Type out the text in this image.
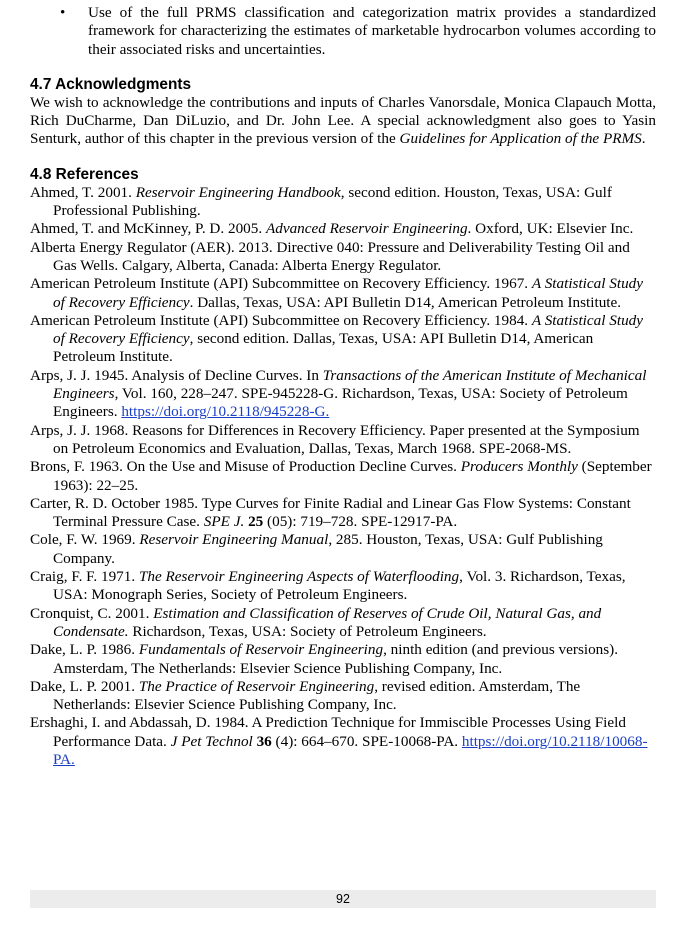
•	Use of the full PRMS classification and categorization matrix provides a standardized framework for characterizing the estimates of marketable hydrocarbon volumes according to their associated risks and uncertainties.
4.7 Acknowledgments

We wish to acknowledge the contributions and inputs of Charles Vanorsdale, Monica Clapauch Motta, Rich DuCharme, Dan DiLuzio, and Dr. John Lee. A special acknowledgment also goes to Yasin Senturk, author of this chapter in the previous version of the Guidelines for Application of the PRMS.

4.8 References

Ahmed, T. 2001. Reservoir Engineering Handbook, second edition. Houston, Texas, USA: Gulf Professional Publishing.

Ahmed, T. and McKinney, P. D. 2005. Advanced Reservoir Engineering. Oxford, UK: Elsevier Inc.

Alberta Energy Regulator (AER). 2013. Directive 040: Pressure and Deliverability Testing Oil and Gas Wells. Calgary, Alberta, Canada: Alberta Energy Regulator.

American Petroleum Institute (API) Subcommittee on Recovery Efficiency. 1967. A Statistical Study of Recovery Efficiency. Dallas, Texas, USA: API Bulletin D14, American Petroleum Institute.

American Petroleum Institute (API) Subcommittee on Recovery Efficiency. 1984. A Statistical Study of Recovery Efficiency, second edition. Dallas, Texas, USA: API Bulletin D14, American Petroleum Institute.

Arps, J. J. 1945. Analysis of Decline Curves. In Transactions of the American Institute of Mechanical Engineers, Vol. 160, 228–247. SPE-945228-G. Richardson, Texas, USA: Society of Petroleum Engineers. https://doi.org/10.2118/945228-G.

Arps, J. J. 1968. Reasons for Differences in Recovery Efficiency. Paper presented at the Symposium on Petroleum Economics and Evaluation, Dallas, Texas, March 1968. SPE-2068-MS.

Brons, F. 1963. On the Use and Misuse of Production Decline Curves. Producers Monthly (September 1963): 22–25.

Carter, R. D. October 1985. Type Curves for Finite Radial and Linear Gas Flow Systems: Constant Terminal Pressure Case. SPE J. 25 (05): 719–728. SPE-12917-PA.

Cole, F. W. 1969. Reservoir Engineering Manual, 285. Houston, Texas, USA: Gulf Publishing Company.

Craig, F. F. 1971. The Reservoir Engineering Aspects of Waterflooding, Vol. 3. Richardson, Texas, USA: Monograph Series, Society of Petroleum Engineers.

Cronquist, C. 2001. Estimation and Classification of Reserves of Crude Oil, Natural Gas, and Condensate. Richardson, Texas, USA: Society of Petroleum Engineers.

Dake, L. P. 1986. Fundamentals of Reservoir Engineering, ninth edition (and previous versions). Amsterdam, The Netherlands: Elsevier Science Publishing Company, Inc.

Dake, L. P. 2001. The Practice of Reservoir Engineering, revised edition. Amsterdam, The Netherlands: Elsevier Science Publishing Company, Inc.

Ershaghi, I. and Abdassah, D. 1984. A Prediction Technique for Immiscible Processes Using Field Performance Data. J Pet Technol 36 (4): 664–670. SPE-10068-PA. https://doi.org/10.2118/10068-PA.

92
